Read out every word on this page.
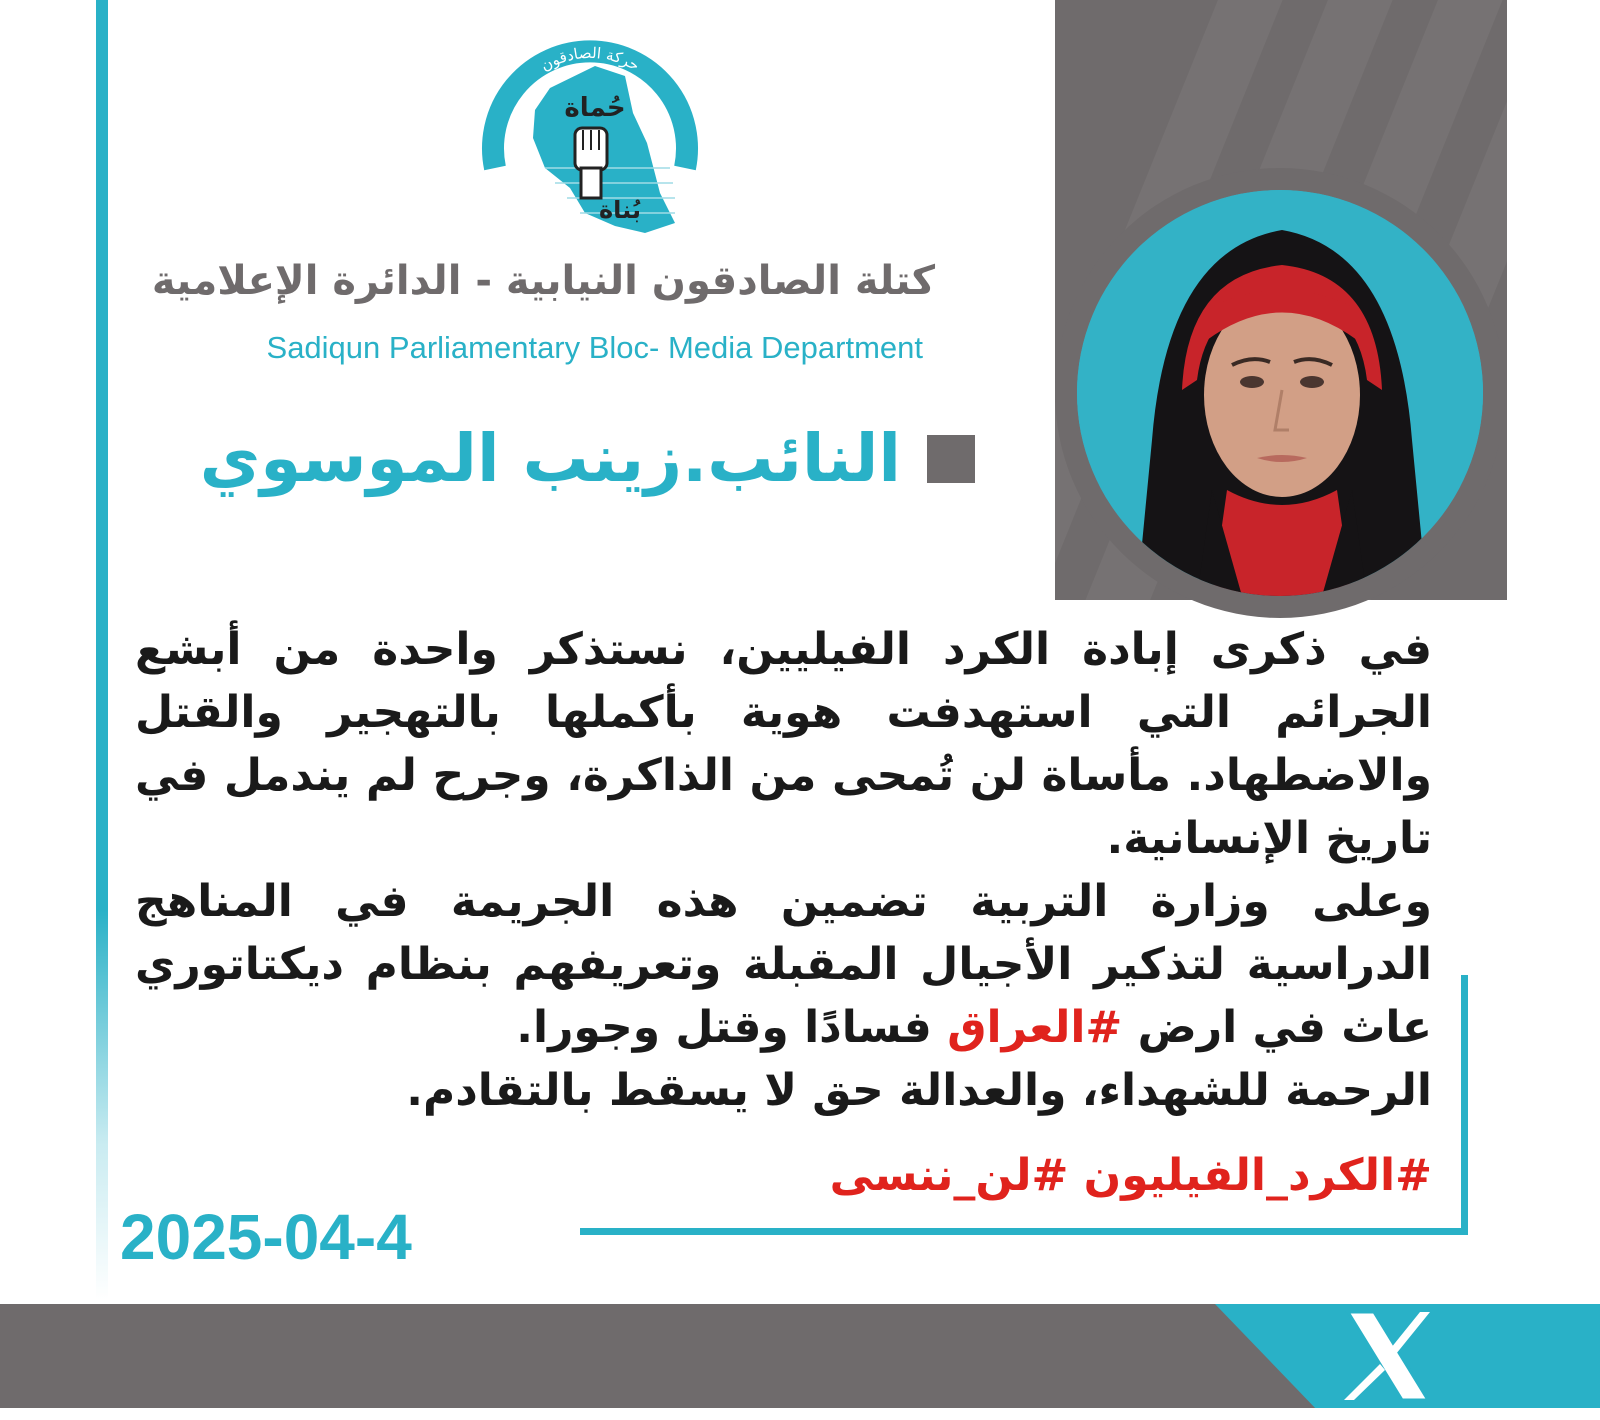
حركة الصادقون
حُماة
بُناة

كتلة الصادقون النيابية - الدائرة الإعلامية

Sadiqun Parliamentary Bloc- Media Department

النائب.زينب الموسوي

في ذكرى إبادة الكرد الفيليين، نستذكر واحدة من أبشع الجرائم التي استهدفت هوية بأكملها بالتهجير والقتل والاضطهاد. مأساة لن تُمحى من الذاكرة، وجرح لم يندمل في تاريخ الإنسانية.

وعلى وزارة التربية تضمين هذه الجريمة في المناهج الدراسية لتذكير الأجيال المقبلة وتعريفهم بنظام ديكتاتوري عاث في ارض #العراق فسادًا وقتل وجورا.

الرحمة للشهداء، والعدالة حق لا يسقط بالتقادم.

#الكرد_الفيليون #لن_ننسى

2025-04-4
